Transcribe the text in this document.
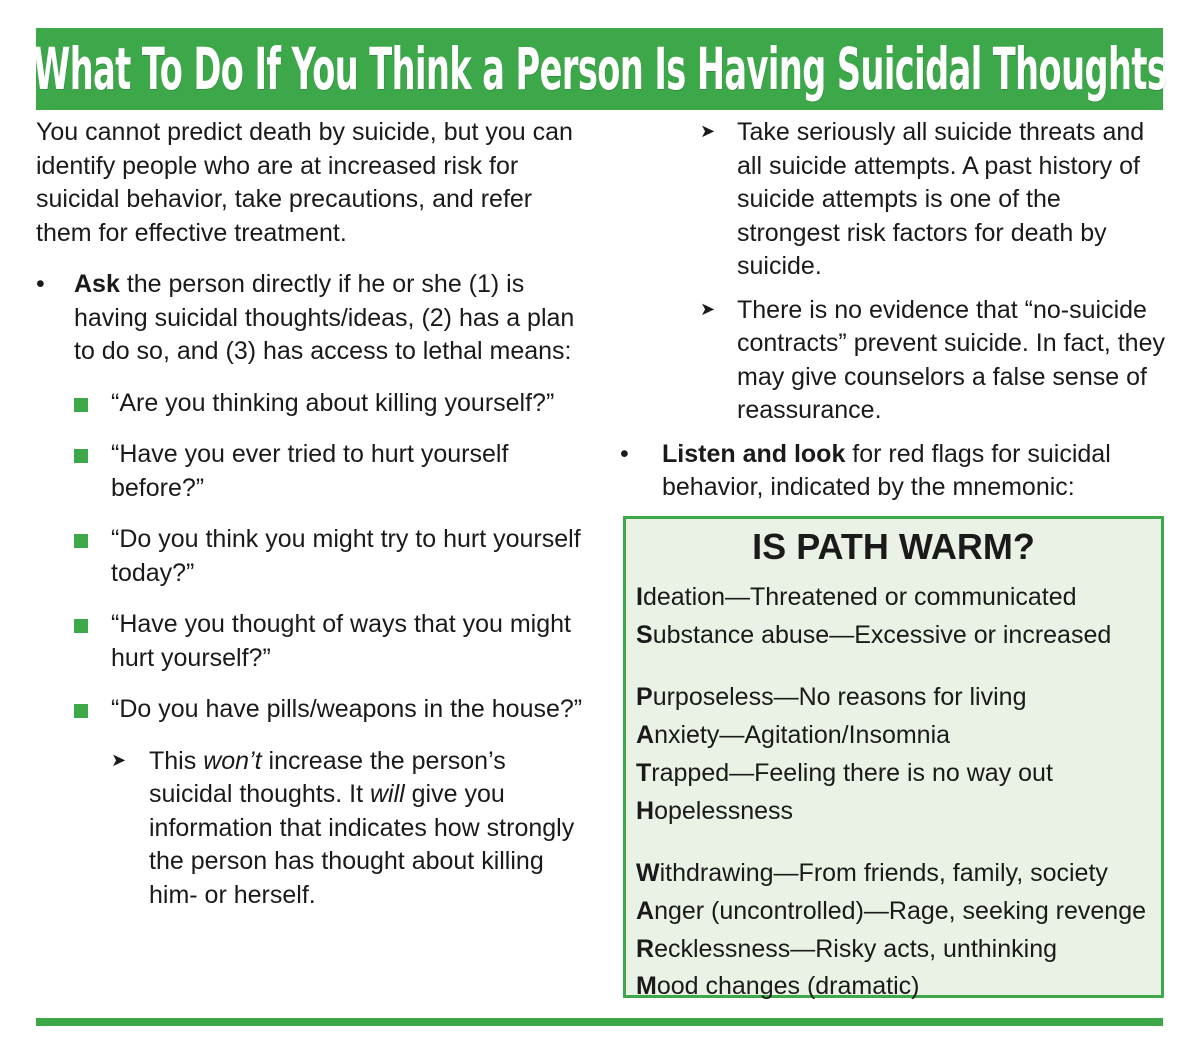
What To Do If You Think a Person Is Having Suicidal Thoughts

You cannot predict death by suicide, but you can identify people who are at increased risk for suicidal behavior, take precautions, and refer them for effective treatment.

• Ask the person directly if he or she (1) is having suicidal thoughts/ideas, (2) has a plan to do so, and (3) has access to lethal means:
“Are you thinking about killing yourself?”
“Have you ever tried to hurt yourself before?”
“Do you think you might try to hurt yourself today?”
“Have you thought of ways that you might hurt yourself?”
“Do you have pills/weapons in the house?”
➤ This won’t increase the person’s suicidal thoughts. It will give you information that indicates how strongly the person has thought about killing him- or herself.
➤ Take seriously all suicide threats and all suicide attempts. A past history of suicide attempts is one of the strongest risk factors for death by suicide.
➤ There is no evidence that “no-suicide contracts” prevent suicide. In fact, they may give counselors a false sense of reassurance.
• Listen and look for red flags for suicidal behavior, indicated by the mnemonic:
IS PATH WARM?
Ideation—Threatened or communicated
Substance abuse—Excessive or increased
Purposeless—No reasons for living
Anxiety—Agitation/Insomnia
Trapped—Feeling there is no way out
Hopelessness
Withdrawing—From friends, family, society
Anger (uncontrolled)—Rage, seeking revenge
Recklessness—Risky acts, unthinking
Mood changes (dramatic)
